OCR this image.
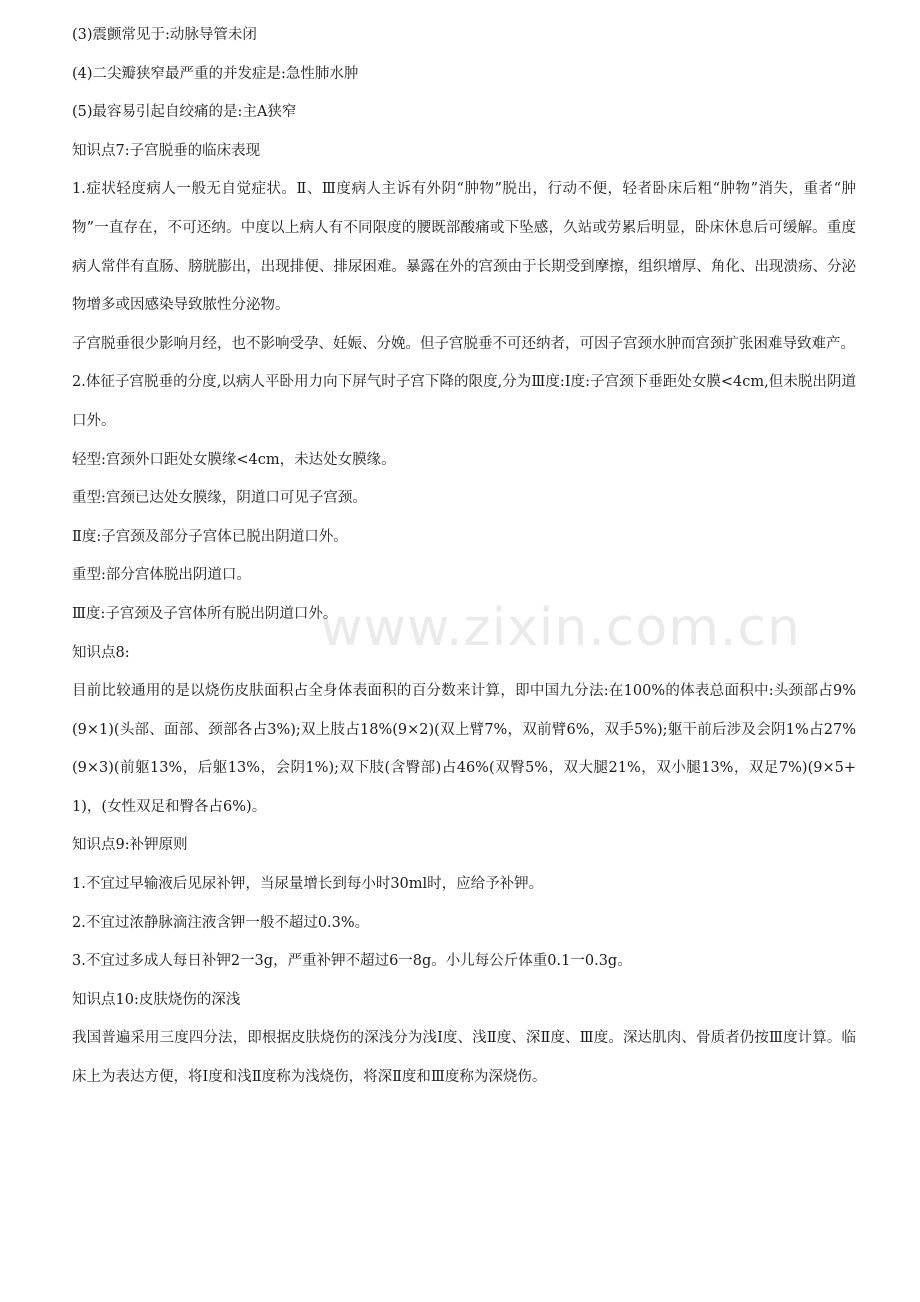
www.zixin.com.cn

(3)震颤常见于:动脉导管未闭

(4)二尖瓣狭窄最严重的并发症是:急性肺水肿

(5)最容易引起自绞痛的是:主A狭窄

知识点7:子宫脱垂的临床表现

1.症状轻度病人一般无自觉症状。Ⅱ、Ⅲ度病人主诉有外阴“肿物”脱出，行动不便，轻者卧床后粗“肿物”消失，重者“肿物”一直存在，不可还纳。中度以上病人有不同限度的腰既部酸痛或下坠感，久站或劳累后明显，卧床休息后可缓解。重度病人常伴有直肠、膀胱膨出，出现排便、排尿困难。暴露在外的宫颈由于长期受到摩擦，组织增厚、角化、出现溃疡、分泌物增多或因感染导致脓性分泌物。

子宫脱垂很少影响月经，也不影响受孕、妊娠、分娩。但子宫脱垂不可还纳者，可因子宫颈水肿而宫颈扩张困难导致难产。

2.体征子宫脱垂的分度,以病人平卧用力向下屏气时子宫下降的限度,分为Ⅲ度:Ⅰ度:子宫颈下垂距处女膜<4cm,但未脱出阴道口外。

轻型:宫颈外口距处女膜缘<4cm，未达处女膜缘。

重型:宫颈已达处女膜缘，阴道口可见子宫颈。

Ⅱ度:子宫颈及部分子宫体已脱出阴道口外。

重型:部分宫体脱出阴道口。

Ⅲ度:子宫颈及子宫体所有脱出阴道口外。

知识点8:

目前比较通用的是以烧伤皮肤面积占全身体表面积的百分数来计算，即中国九分法:在100%的体表总面积中:头颈部占9%(9×1)(头部、面部、颈部各占3%);双上肢占18%(9×2)(双上臂7%，双前臂6%，双手5%);躯干前后涉及会阴1%占27%(9×3)(前躯13%，后躯13%，会阴1%);双下肢(含臀部)占46%(双臀5%，双大腿21%，双小腿13%，双足7%)(9×5+1)，(女性双足和臀各占6%)。

知识点9:补钾原则

1.不宜过早输液后见尿补钾，当尿量增长到每小时30ml时，应给予补钾。

2.不宜过浓静脉滴注液含钾一般不超过0.3%。

3.不宜过多成人每日补钾2一3g，严重补钾不超过6一8g。小儿每公斤体重0.1一0.3g。

知识点10:皮肤烧伤的深浅

我国普遍采用三度四分法，即根据皮肤烧伤的深浅分为浅Ⅰ度、浅Ⅱ度、深Ⅱ度、Ⅲ度。深达肌肉、骨质者仍按Ⅲ度计算。临床上为表达方便，将Ⅰ度和浅Ⅱ度称为浅烧伤，将深Ⅱ度和Ⅲ度称为深烧伤。
